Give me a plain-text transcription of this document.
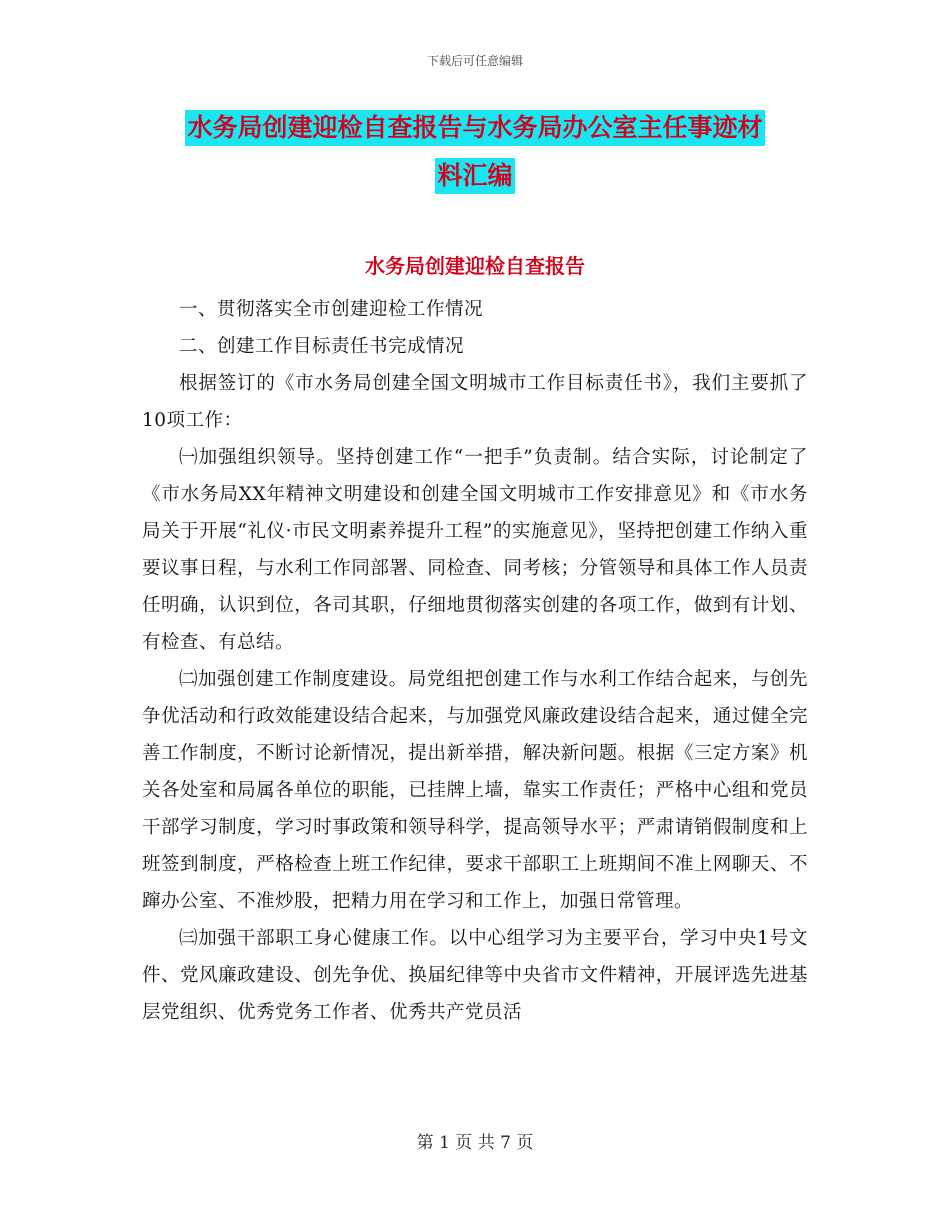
下载后可任意编辑
水务局创建迎检自查报告与水务局办公室主任事迹材
料汇编
水务局创建迎检自查报告

一、贯彻落实全市创建迎检工作情况

二、创建工作目标责任书完成情况

根据签订的《市水务局创建全国文明城市工作目标责任书》，我们主要抓了10项工作：

㈠加强组织领导。坚持创建工作“一把手”负责制。结合实际，讨论制定了《市水务局XX年精神文明建设和创建全国文明城市工作安排意见》和《市水务局关于开展“礼仪·市民文明素养提升工程”的实施意见》，坚持把创建工作纳入重要议事日程，与水利工作同部署、同检查、同考核；分管领导和具体工作人员责任明确，认识到位，各司其职，仔细地贯彻落实创建的各项工作，做到有计划、有检查、有总结。

㈡加强创建工作制度建设。局党组把创建工作与水利工作结合起来，与创先争优活动和行政效能建设结合起来，与加强党风廉政建设结合起来，通过健全完善工作制度，不断讨论新情况，提出新举措，解决新问题。根据《三定方案》机关各处室和局属各单位的职能，已挂牌上墙，靠实工作责任；严格中心组和党员干部学习制度，学习时事政策和领导科学，提高领导水平；严肃请销假制度和上班签到制度，严格检查上班工作纪律，要求干部职工上班期间不准上网聊天、不蹿办公室、不准炒股，把精力用在学习和工作上，加强日常管理。

㈢加强干部职工身心健康工作。以中心组学习为主要平台，学习中央1号文件、党风廉政建设、创先争优、换届纪律等中央省市文件精神，开展评选先进基层党组织、优秀党务工作者、优秀共产党员活

第 1 页 共 7 页
